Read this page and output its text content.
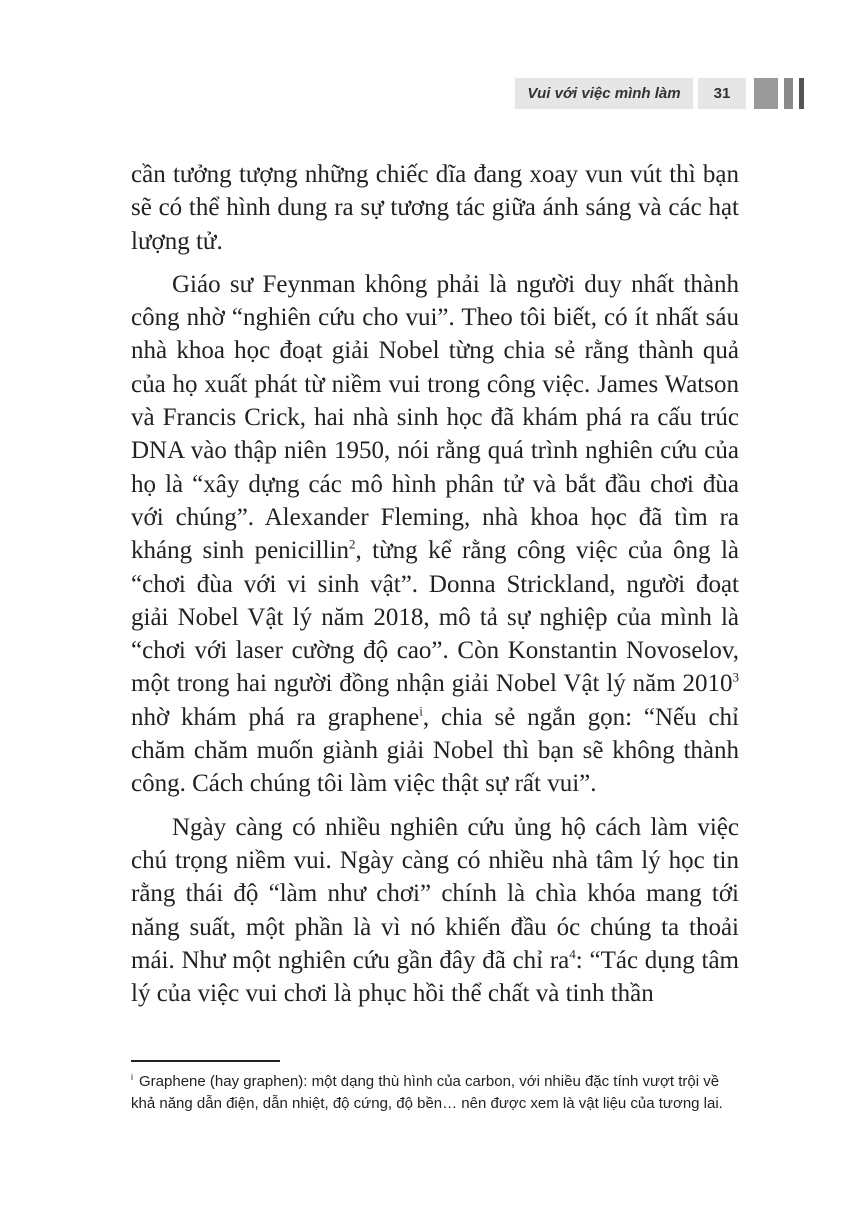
Vui với việc mình làm	31

cần tưởng tượng những chiếc dĩa đang xoay vun vút thì bạn sẽ có thể hình dung ra sự tương tác giữa ánh sáng và các hạt lượng tử.

Giáo sư Feynman không phải là người duy nhất thành công nhờ “nghiên cứu cho vui”. Theo tôi biết, có ít nhất sáu nhà khoa học đoạt giải Nobel từng chia sẻ rằng thành quả của họ xuất phát từ niềm vui trong công việc. James Watson và Francis Crick, hai nhà sinh học đã khám phá ra cấu trúc DNA vào thập niên 1950, nói rằng quá trình nghiên cứu của họ là “xây dựng các mô hình phân tử và bắt đầu chơi đùa với chúng”. Alexander Fleming, nhà khoa học đã tìm ra kháng sinh penicillin$^2$, từng kể rằng công việc của ông là “chơi đùa với vi sinh vật”. Donna Strickland, người đoạt giải Nobel Vật lý năm 2018, mô tả sự nghiệp của mình là “chơi với laser cường độ cao”. Còn Konstantin Novoselov, một trong hai người đồng nhận giải Nobel Vật lý năm 2010$^3$ nhờ khám phá ra graphene$^i$, chia sẻ ngắn gọn: “Nếu chỉ chăm chăm muốn giành giải Nobel thì bạn sẽ không thành công. Cách chúng tôi làm việc thật sự rất vui”.

Ngày càng có nhiều nghiên cứu ủng hộ cách làm việc chú trọng niềm vui. Ngày càng có nhiều nhà tâm lý học tin rằng thái độ “làm như chơi” chính là chìa khóa mang tới năng suất, một phần là vì nó khiến đầu óc chúng ta thoải mái. Như một nghiên cứu gần đây đã chỉ $ra^4$: “Tác dụng tâm lý của việc vui chơi là phục hồi thể chất và tinh thần

$^i$ Graphene (hay graphen): một dạng thù hình của carbon, với nhiều đặc tính vượt trội về khả năng dẫn điện, dẫn nhiệt, độ cứng, độ bền… nên được xem là vật liệu của tương lai.
